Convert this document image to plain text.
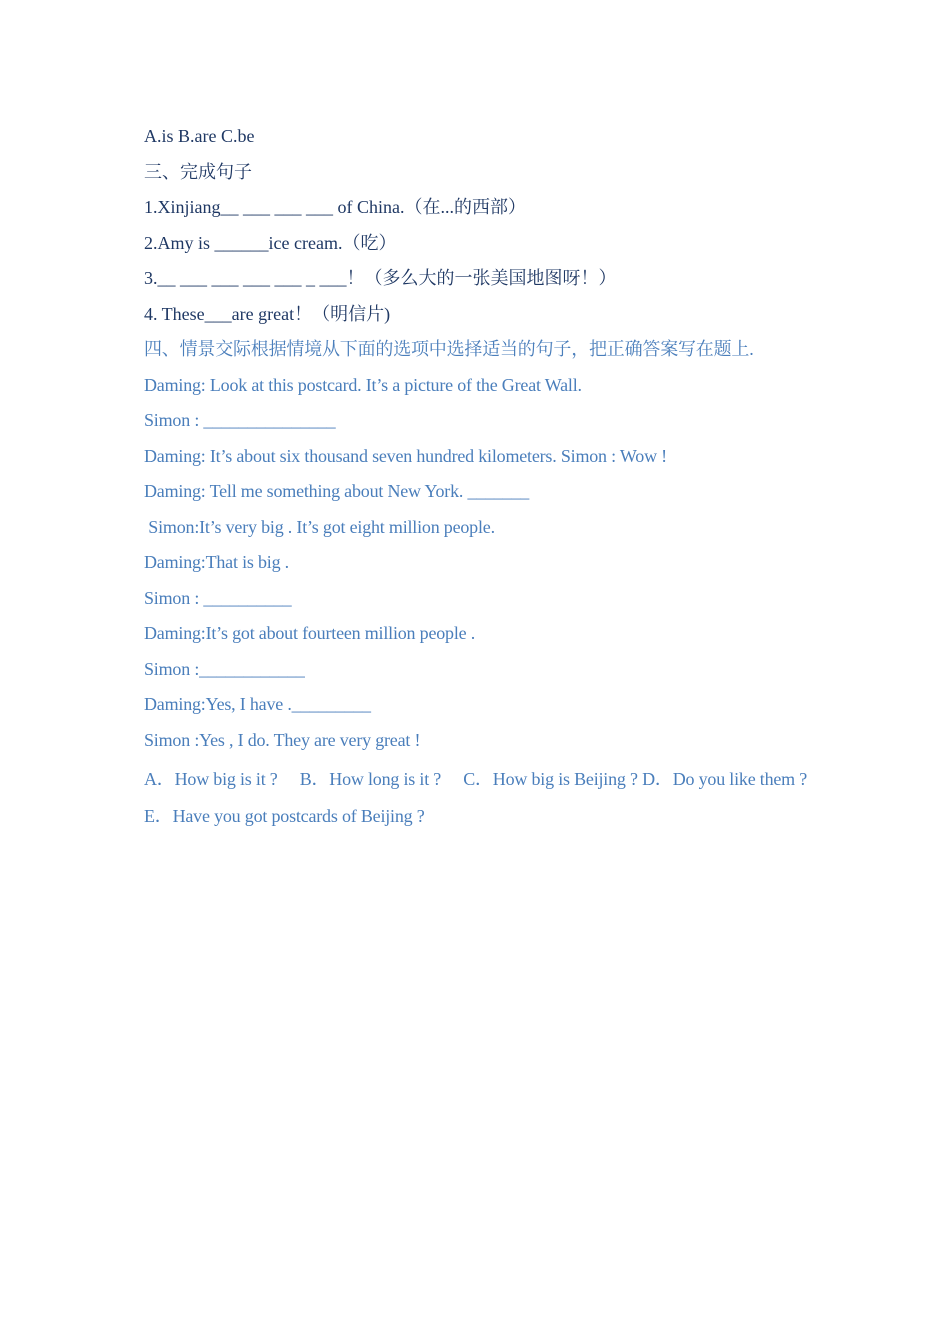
A.is B.are C.be
三、完成句子
1.Xinjiang__ ___ ___ ___ of China.（在...的西部）
2.Amy is ______ice cream.（吃）
3.__ ___ ___ ___ ___ _ ___！（多么大的一张美国地图呀！）
4. These___are great！（明信片)
四、情景交际根据情境从下面的选项中选择适当的句子，把正确答案写在题上.
Daming: Look at this postcard. It’s a picture of the Great Wall.
Simon : _______________
Daming: It’s about six thousand seven hundred kilometers. Simon : Wow !
Daming: Tell me something about New York. _______
Simon:It’s very big . It’s got eight million people.
Daming:That is big .
Simon : __________
Daming:It’s got about fourteen million people .
Simon :____________
Daming:Yes, I have ._________
Simon :Yes , I do. They are very great !
A．How big is it ?　 B．How long is it ?　 C．How big is Beijing ? D．Do you like them ?　 E．Have you got postcards of Beijing ?
